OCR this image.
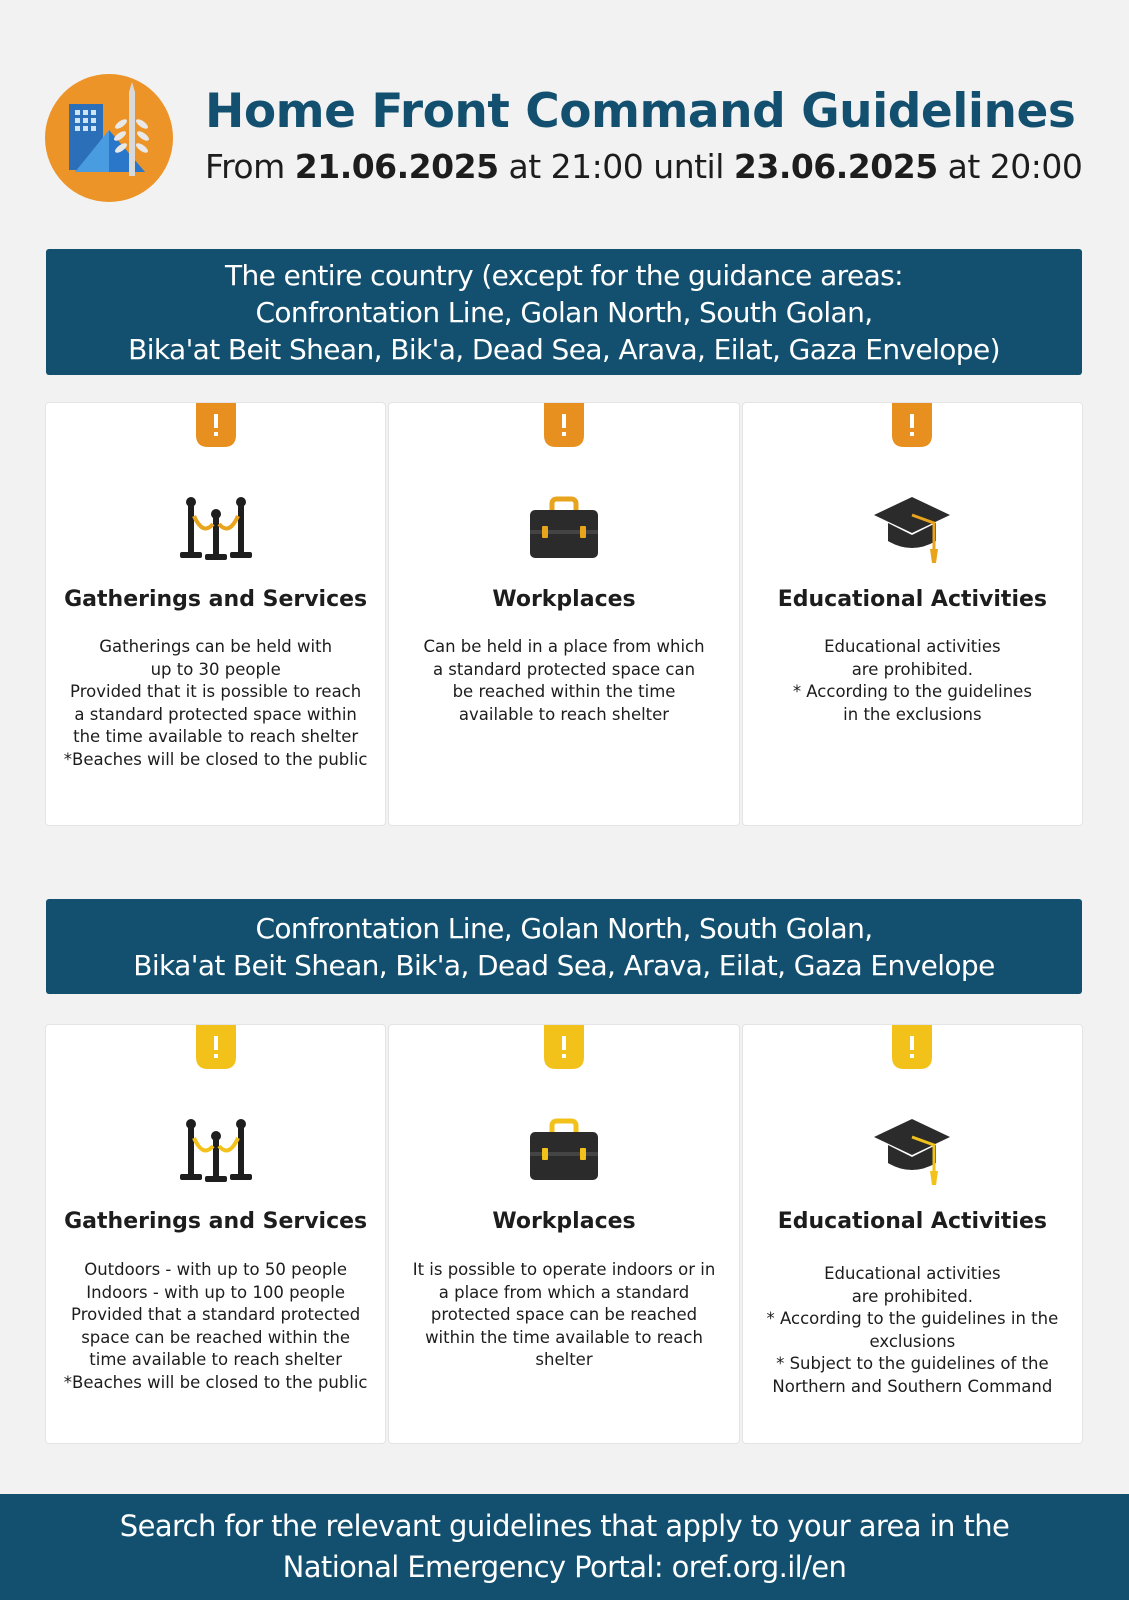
Home Front Command Guidelines
From 21.06.2025 at 21:00 until 23.06.2025 at 20:00
The entire country (except for the guidance areas:
Confrontation Line, Golan North, South Golan,
Bika'at Beit Shean, Bik'a, Dead Sea, Arava, Eilat, Gaza Envelope)
Gatherings and Services
Gatherings can be held with
up to 30 people
Provided that it is possible to reach
a standard protected space within
the time available to reach shelter
*Beaches will be closed to the public
Workplaces
Can be held in a place from which
a standard protected space can
be reached within the time
available to reach shelter
Educational Activities
Educational activities
are prohibited.
* According to the guidelines
in the exclusions
Confrontation Line, Golan North, South Golan,
Bika'at Beit Shean, Bik'a, Dead Sea, Arava, Eilat, Gaza Envelope
Gatherings and Services
Outdoors - with up to 50 people
Indoors - with up to 100 people
Provided that a standard protected
space can be reached within the
time available to reach shelter
*Beaches will be closed to the public
Workplaces
It is possible to operate indoors or in
a place from which a standard
protected space can be reached
within the time available to reach
shelter
Educational Activities
Educational activities
are prohibited.
* According to the guidelines in the
exclusions
* Subject to the guidelines of the
Northern and Southern Command
Search for the relevant guidelines that apply to your area in the
National Emergency Portal: oref.org.il/en
